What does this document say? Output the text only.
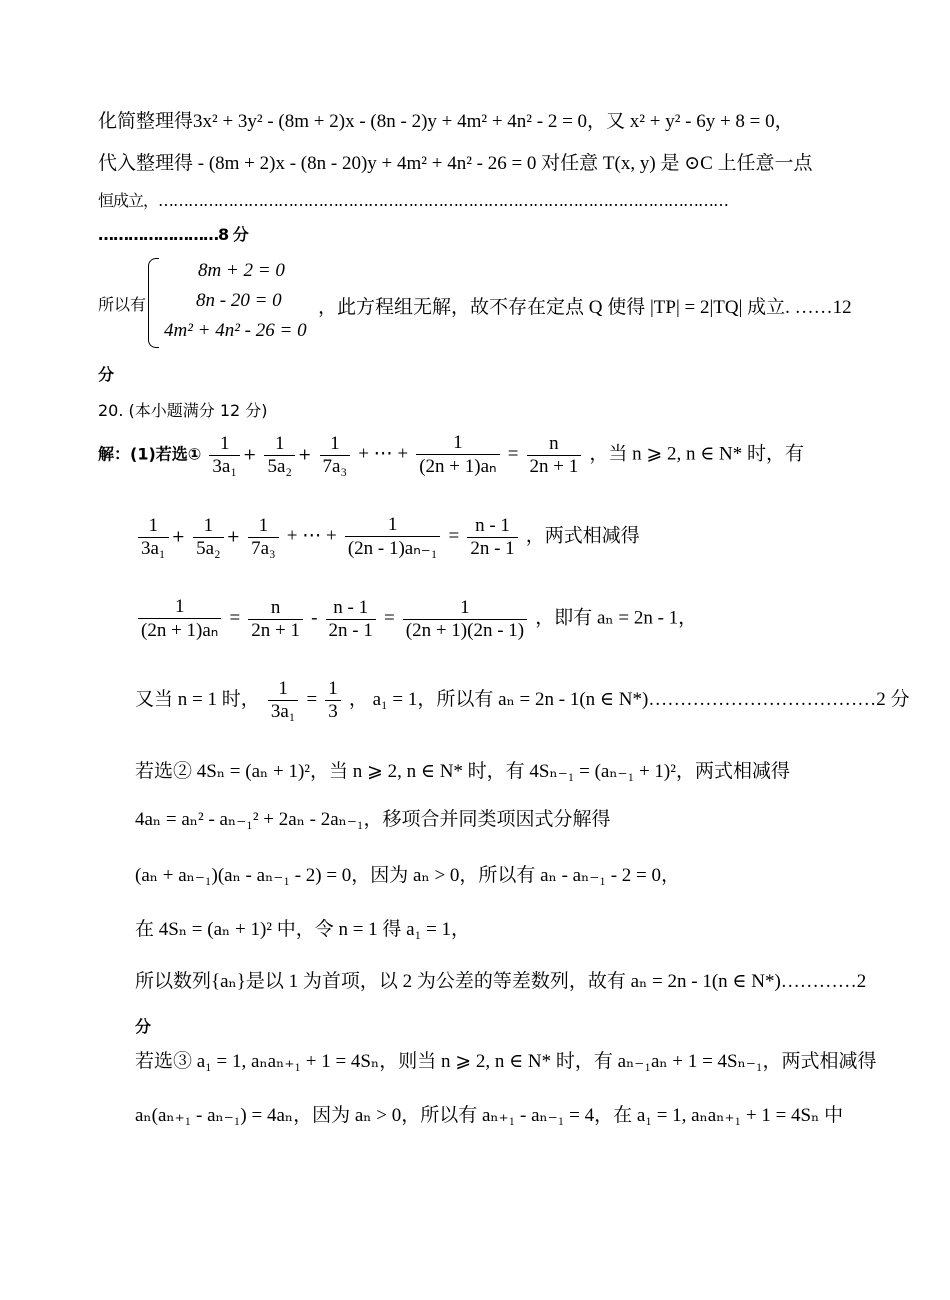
化简整理得3x² + 3y² - (8m + 2)x - (8n - 2)y + 4m² + 4n² - 2 = 0，又 x² + y² - 6y + 8 = 0，
代入整理得 - (8m + 2)x - (8n - 20)y + 4m² + 4n² - 26 = 0 对任意 T(x, y) 是 ⊙C 上任意一点
恒成立，……………………………………………………………………………………………………
……………………8 分
所以有
8m + 2 = 0
8n - 20 = 0
4m² + 4n² - 26 = 0
，此方程组无解，故不存在定点 Q 使得 |TP| = 2|TQ| 成立. ……12
分
20. (本小题满分 12 分)
解：(1)若选① $\frac{1}{\text{3a₁}} + \frac{1}{\text{5a₂}} + \frac{1}{\text{7a₃}}$ + ⋯ + $\frac{1}{\text{(2n + 1)aₙ}} = \frac{n}{2n + 1}$ ，当 n ⩾ 2, n ∈ N* 时，有
$\frac{1}{\text{3a₁}} + \frac{1}{\text{5a₂}} + \frac{1}{\text{7a₃}}$ + ⋯ + $\frac{1}{\text{(2n - 1)aₙ₋₁}} = \frac{n - 1}{2n - 1}$ ，两式相减得
$\frac{1}{\text{(2n + 1)aₙ}} = \frac{n}{2n + 1} - \frac{n - 1}{2n - 1} = \frac{1}{(2n + 1)(2n - 1)}$ ，即有 aₙ = 2n - 1，
又当 n = 1 时， $\frac{1}{\text{3a₁}} = \frac{1}{3}$ ， a₁ = 1，所以有 aₙ = 2n - 1(n ∈ N*)………………………………2 分
若选② 4Sₙ = (aₙ + 1)²，当 n ⩾ 2, n ∈ N* 时，有 4Sₙ₋₁ = (aₙ₋₁ + 1)²，两式相减得
4aₙ = aₙ² - aₙ₋₁² + 2aₙ - 2aₙ₋₁，移项合并同类项因式分解得
(aₙ + aₙ₋₁)(aₙ - aₙ₋₁ - 2) = 0，因为 aₙ > 0，所以有 aₙ - aₙ₋₁ - 2 = 0，
在 4Sₙ = (aₙ + 1)² 中，令 n = 1 得 a₁ = 1，
所以数列{aₙ}是以 1 为首项，以 2 为公差的等差数列，故有 aₙ = 2n - 1(n ∈ N*)…………2
分
若选③ a₁ = 1, aₙaₙ₊₁ + 1 = 4Sₙ，则当 n ⩾ 2, n ∈ N* 时，有 aₙ₋₁aₙ + 1 = 4Sₙ₋₁，两式相减得
aₙ(aₙ₊₁ - aₙ₋₁) = 4aₙ，因为 aₙ > 0，所以有 aₙ₊₁ - aₙ₋₁ = 4，在 a₁ = 1, aₙaₙ₊₁ + 1 = 4Sₙ 中
